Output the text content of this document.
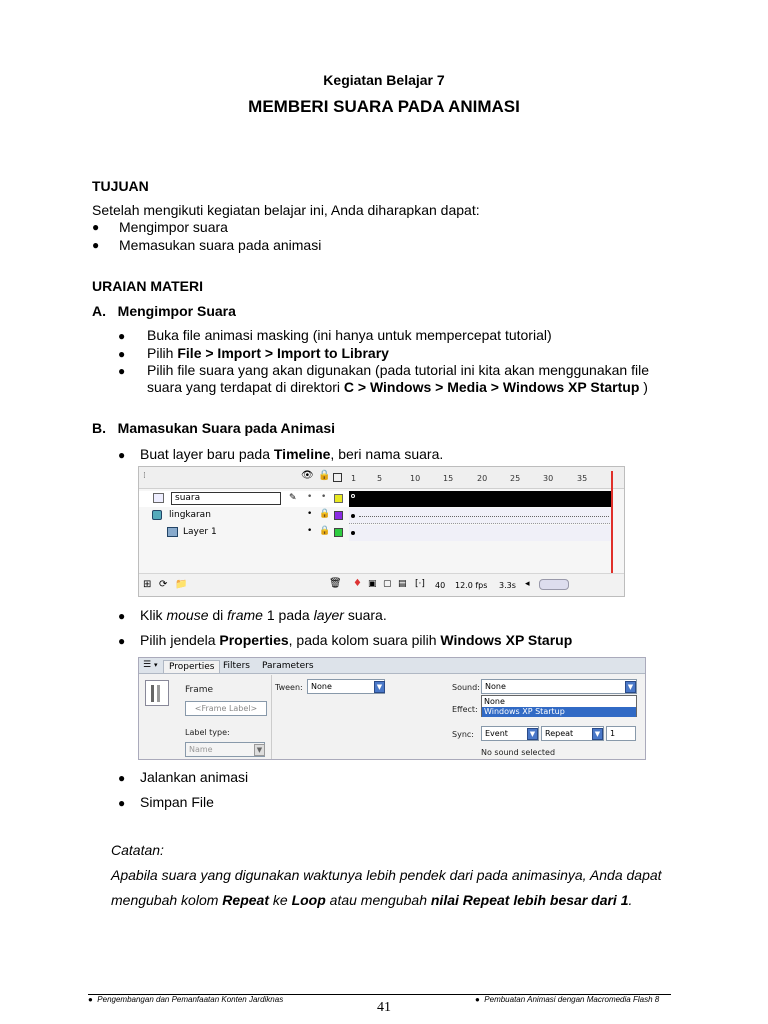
Kegiatan Belajar 7
MEMBERI SUARA PADA ANIMASI
TUJUAN
Setelah mengikuti kegiatan belajar ini, Anda diharapkan dapat:
● Mengimpor suara
● Memasukan suara pada animasi
URAIAN MATERI
A.   Mengimpor Suara
● Buka file animasi masking (ini hanya untuk mempercepat tutorial)
● Pilih File > Import > Import to Library
● Pilih file suara yang akan digunakan (pada tutorial ini kita akan menggunakan file
suara yang terdapat di direktori C > Windows > Media > Windows XP Startup )
B.   Mamasukan Suara pada Animasi
● Buat layer baru pada Timeline, beri nama suara.
⁞	👁 🔒	1	5	10	15	20	25	30	35
suara	✎ • •
lingkaran	• 🔒
Layer 1	• 🔒
⊞ ⟳ 📁	🗑 ♦ ▣ ▢ ▤ [·] 40 12.0 fps 3.3s ◂
● Klik mouse di frame 1 pada layer suara.
● Pilih jendela Properties, pada kolom suara pilih Windows XP Starup
☰ ▾	Properties Filters	Parameters
Frame
<Frame Label>
Label type:
Name	▼
Tween:	None	▼	Sound: None	▼
None
Windows XP Startup
Effect:
Sync:	Event	▼	Repeat	▼	1
No sound selected
● Jalankan animasi
● Simpan File
Catatan:
Apabila suara yang digunakan waktunya lebih pendek dari pada animasinya, Anda dapat
mengubah kolom Repeat ke Loop atau mengubah nilai Repeat lebih besar dari 1.
●  Pengembangan dan Pemanfaatan Konten Jardiknas
41
●  Pembuatan Animasi dengan Macromedia Flash 8
